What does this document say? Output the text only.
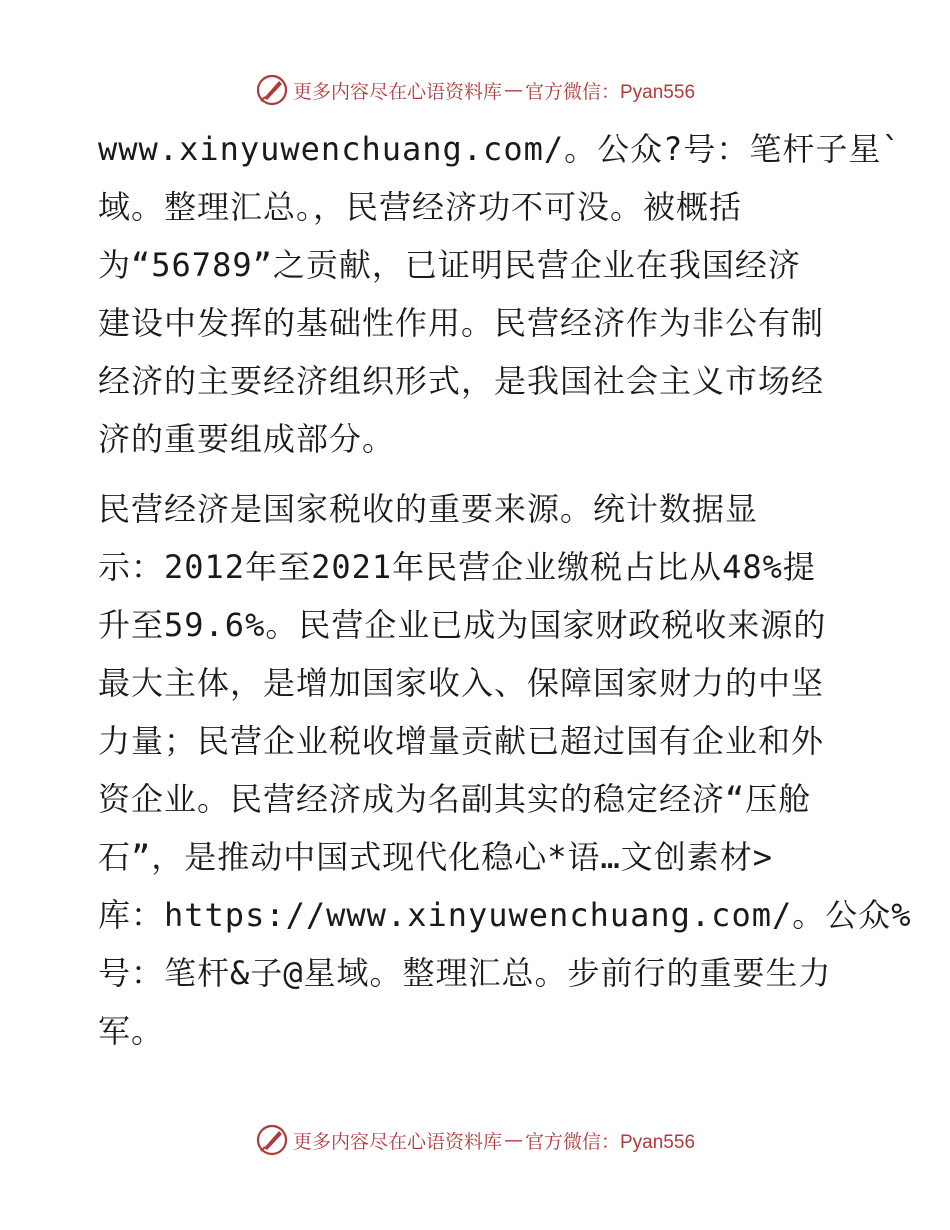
更多内容尽在心语资料库 — 官方微信：Pyan556
www.xinyuwenchuang.com/。公众?号：笔杆子星`
域。整理汇总。，民营经济功不可没。被概括
为“56789”之贡献，已证明民营企业在我国经济
建设中发挥的基础性作用。民营经济作为非公有制
经济的主要经济组织形式，是我国社会主义市场经
济的重要组成部分。
民营经济是国家税收的重要来源。统计数据显
示：2012年至2021年民营企业缴税占比从48%提
升至59.6%。民营企业已成为国家财政税收来源的
最大主体，是增加国家收入、保障国家财力的中坚
力量；民营企业税收增量贡献已超过国有企业和外
资企业。民营经济成为名副其实的稳定经济“压舱
石”，是推动中国式现代化稳心*语…文创素材>
库：https://www.xinyuwenchuang.com/。公众%
号：笔杆&子@星域。整理汇总。步前行的重要生力
军。
更多内容尽在心语资料库 — 官方微信：Pyan556
